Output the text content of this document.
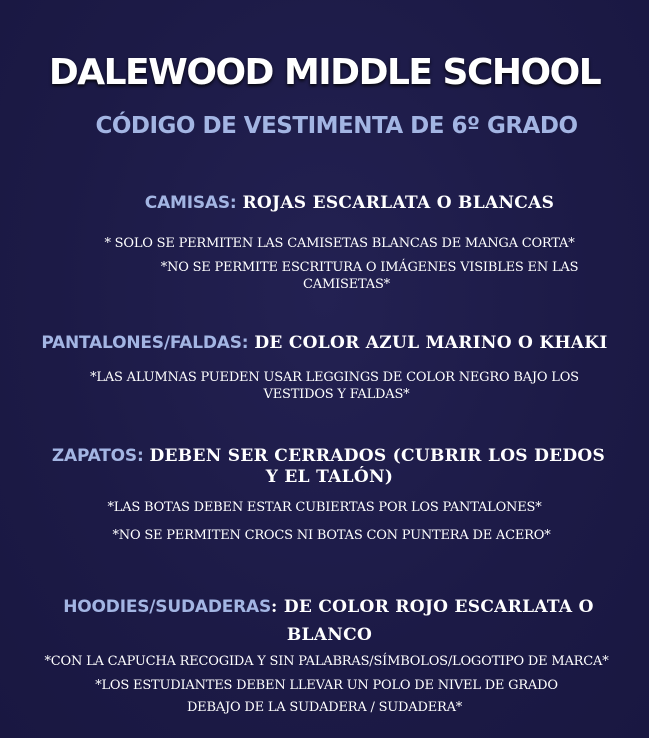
DALEWOOD MIDDLE SCHOOL
CÓDIGO DE VESTIMENTA DE 6º GRADO
CAMISAS: ROJAS ESCARLATA O BLANCAS
* SOLO SE PERMITEN LAS CAMISETAS BLANCAS DE MANGA CORTA*
*NO SE PERMITE ESCRITURA O IMÁGENES VISIBLES EN LAS
CAMISETAS*
PANTALONES/FALDAS: DE COLOR AZUL MARINO O KHAKI
*LAS ALUMNAS PUEDEN USAR LEGGINGS DE COLOR NEGRO BAJO LOS
VESTIDOS Y FALDAS*
ZAPATOS: DEBEN SER CERRADOS (CUBRIR LOS DEDOS
Y EL TALÓN)
*LAS BOTAS DEBEN ESTAR CUBIERTAS POR LOS PANTALONES*
*NO SE PERMITEN CROCS NI BOTAS CON PUNTERA DE ACERO*
HOODIES/SUDADERAS: DE COLOR ROJO ESCARLATA O
BLANCO
*CON LA CAPUCHA RECOGIDA Y SIN PALABRAS/SÍMBOLOS/LOGOTIPO DE MARCA*
*LOS ESTUDIANTES DEBEN LLEVAR UN POLO DE NIVEL DE GRADO
DEBAJO DE LA SUDADERA / SUDADERA*
